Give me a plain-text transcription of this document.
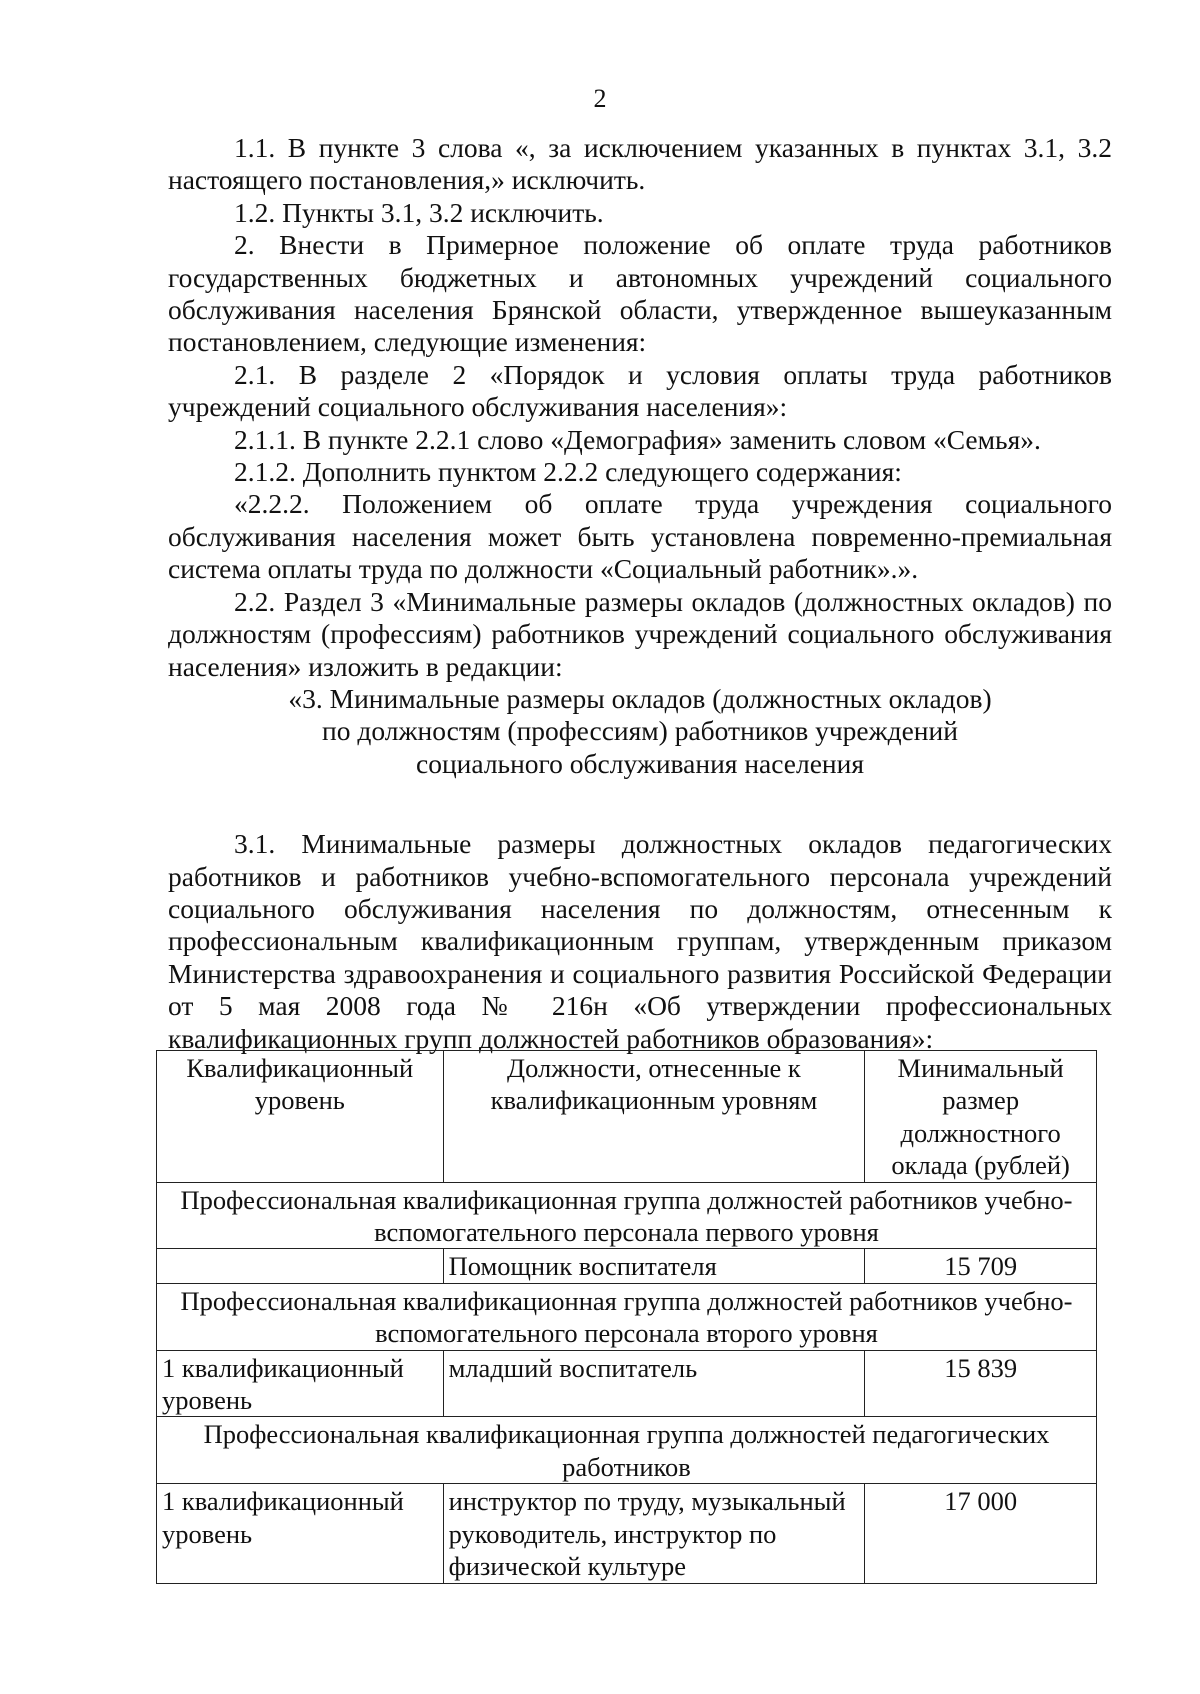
2

1.1. В пункте 3 слова «, за исключением указанных в пунктах 3.1, 3.2 настоящего постановления,» исключить.

1.2. Пункты 3.1, 3.2 исключить.

2. Внести в Примерное положение об оплате труда работников государственных бюджетных и автономных учреждений социального обслуживания населения Брянской области, утвержденное вышеуказанным постановлением, следующие изменения:

2.1. В разделе 2 «Порядок и условия оплаты труда работников учреждений социального обслуживания населения»:

2.1.1. В пункте 2.2.1 слово «Демография» заменить словом «Семья».

2.1.2. Дополнить пунктом 2.2.2 следующего содержания:

«2.2.2. Положением об оплате труда учреждения социального обслуживания населения может быть установлена повременно-премиальная система оплаты труда по должности «Социальный работник».».

2.2. Раздел 3 «Минимальные размеры окладов (должностных окладов) по должностям (профессиям) работников учреждений социального обслуживания населения» изложить в редакции:

«3. Минимальные размеры окладов (должностных окладов)

по должностям (профессиям) работников учреждений

социального обслуживания населения

3.1. Минимальные размеры должностных окладов педагогических работников и работников учебно-вспомогательного персонала учреждений социального обслуживания населения по должностям, отнесенным к профессиональным квалификационным группам, утвержденным приказом Министерства здравоохранения и социального развития Российской Федерации от 5 мая 2008 года № 216н «Об утверждении профессиональных квалификационных групп должностей работников образования»:

Квалификационный уровень	Должности, отнесенные к квалификационным уровням	Минимальный размер должностного оклада (рублей)
Профессиональная квалификационная группа должностей работников учебно-вспомогательного персонала первого уровня		
	Помощник воспитателя	15 709
Профессиональная квалификационная группа должностей работников учебно-вспомогательного персонала второго уровня		
1 квалификационный уровень	младший воспитатель	15 839
Профессиональная квалификационная группа должностей педагогических работников		
1 квалификационный уровень	инструктор по труду, музыкальный руководитель, инструктор по физической культуре	17 000
